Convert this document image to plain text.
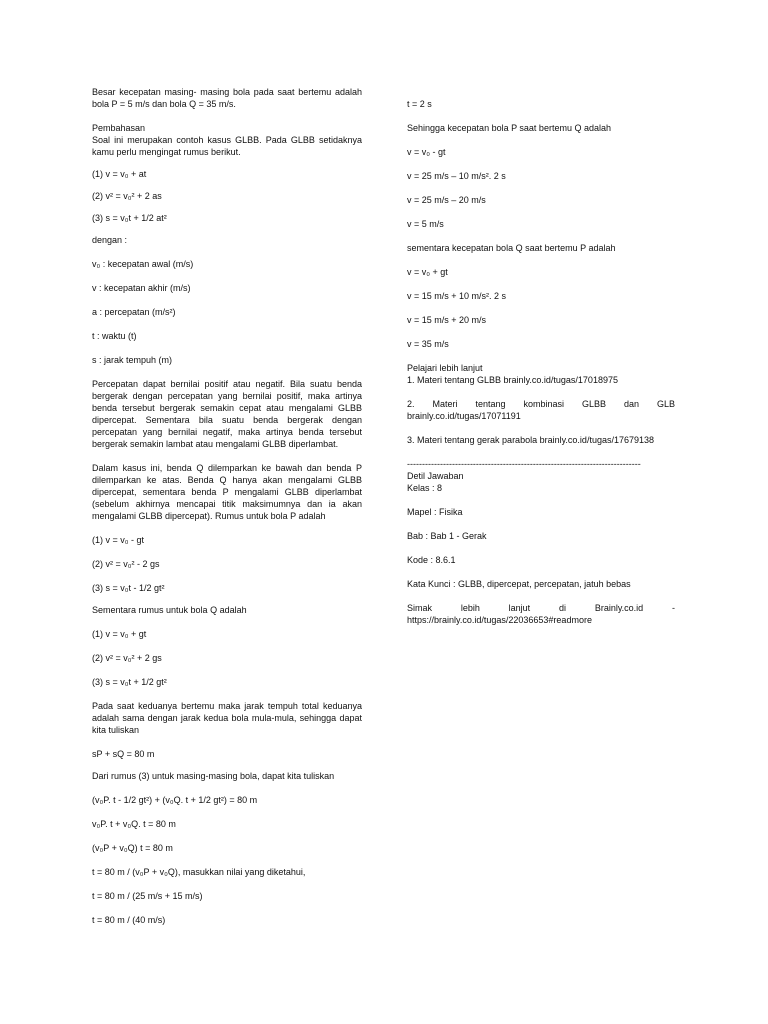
Besar kecepatan masing- masing bola pada saat bertemu adalah bola P = 5 m/s dan bola Q = 35 m/s.

Pembahasan

Soal ini merupakan contoh kasus GLBB. Pada GLBB setidaknya kamu perlu mengingat rumus berikut.

(1) v = v₀ + at

(2) v² = v₀² + 2 as

(3) s = v₀t + 1/2 at²

dengan :

v₀ : kecepatan awal (m/s)

v : kecepatan akhir (m/s)

a : percepatan (m/s²)

t : waktu (t)

s : jarak tempuh (m)

Percepatan dapat bernilai positif atau negatif. Bila suatu benda bergerak dengan percepatan yang bernilai positif, maka artinya benda tersebut bergerak semakin cepat atau mengalami GLBB dipercepat. Sementara bila suatu benda bergerak dengan percepatan yang bernilai negatif, maka artinya benda tersebut bergerak semakin lambat atau mengalami GLBB diperlambat.

Dalam kasus ini, benda Q dilemparkan ke bawah dan benda P dilemparkan ke atas. Benda Q hanya akan mengalami GLBB dipercepat, sementara benda P mengalami GLBB diperlambat (sebelum akhirnya mencapai titik maksimumnya dan ia akan mengalami GLBB dipercepat). Rumus untuk bola P adalah

(1) v = v₀ - gt

(2) v² = v₀² - 2 gs

(3) s = v₀t - 1/2 gt²

Sementara rumus untuk bola Q adalah

(1) v = v₀ + gt

(2) v² = v₀² + 2 gs

(3) s = v₀t + 1/2 gt²

Pada saat keduanya bertemu maka jarak tempuh total keduanya adalah sama dengan jarak kedua bola mula-mula, sehingga dapat kita tuliskan

sP + sQ = 80 m

Dari rumus (3) untuk masing-masing bola, dapat kita tuliskan

(v₀P. t - 1/2 gt²) + (v₀Q. t + 1/2 gt²) = 80 m

v₀P. t + v₀Q. t = 80 m

(v₀P + v₀Q) t = 80 m

t = 80 m / (v₀P + v₀Q), masukkan nilai yang diketahui,

t = 80 m / (25 m/s + 15 m/s)

t = 80 m / (40 m/s)

t = 2 s

Sehingga kecepatan bola P saat bertemu Q adalah

v = v₀ - gt

v = 25 m/s – 10 m/s². 2 s

v = 25 m/s – 20 m/s

v = 5 m/s

sementara kecepatan bola Q saat bertemu P adalah

v = v₀ + gt

v = 15 m/s + 10 m/s². 2 s

v = 15 m/s + 20 m/s

v = 35 m/s

Pelajari lebih lanjut

1. Materi tentang GLBB brainly.co.id/tugas/17018975

2. Materi tentang kombinasi GLBB dan GLB brainly.co.id/tugas/17071191

3. Materi tentang gerak parabola brainly.co.id/tugas/17679138

------------------------------------------------------------------------------

Detil Jawaban

Kelas : 8

Mapel : Fisika

Bab : Bab 1 - Gerak

Kode : 8.6.1

Kata Kunci : GLBB, dipercepat, percepatan, jatuh bebas

Simak lebih lanjut di Brainly.co.id - https://brainly.co.id/tugas/22036653#readmore
